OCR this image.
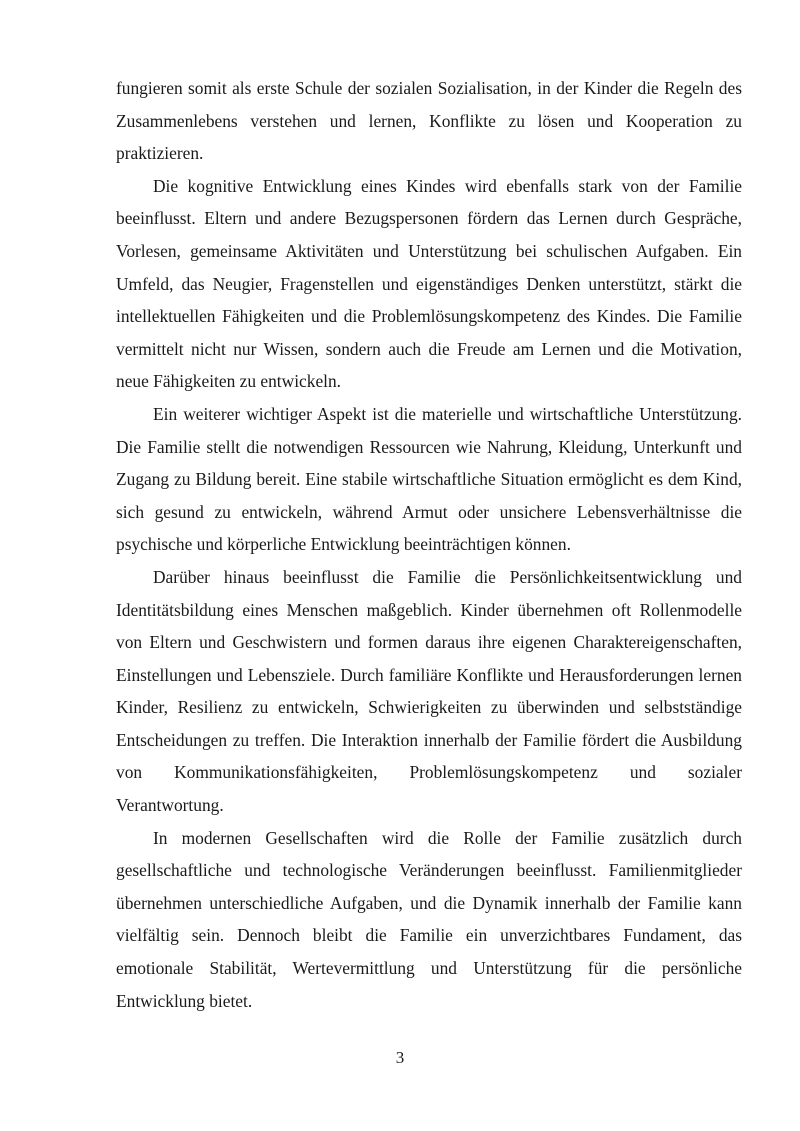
fungieren somit als erste Schule der sozialen Sozialisation, in der Kinder die Regeln des Zusammenlebens verstehen und lernen, Konflikte zu lösen und Kooperation zu praktizieren.

Die kognitive Entwicklung eines Kindes wird ebenfalls stark von der Familie beeinflusst. Eltern und andere Bezugspersonen fördern das Lernen durch Gespräche, Vorlesen, gemeinsame Aktivitäten und Unterstützung bei schulischen Aufgaben. Ein Umfeld, das Neugier, Fragenstellen und eigenständiges Denken unterstützt, stärkt die intellektuellen Fähigkeiten und die Problemlösungskompetenz des Kindes. Die Familie vermittelt nicht nur Wissen, sondern auch die Freude am Lernen und die Motivation, neue Fähigkeiten zu entwickeln.

Ein weiterer wichtiger Aspekt ist die materielle und wirtschaftliche Unterstützung. Die Familie stellt die notwendigen Ressourcen wie Nahrung, Kleidung, Unterkunft und Zugang zu Bildung bereit. Eine stabile wirtschaftliche Situation ermöglicht es dem Kind, sich gesund zu entwickeln, während Armut oder unsichere Lebensverhältnisse die psychische und körperliche Entwicklung beeinträchtigen können.

Darüber hinaus beeinflusst die Familie die Persönlichkeitsentwicklung und Identitätsbildung eines Menschen maßgeblich. Kinder übernehmen oft Rollenmodelle von Eltern und Geschwistern und formen daraus ihre eigenen Charaktereigenschaften, Einstellungen und Lebensziele. Durch familiäre Konflikte und Herausforderungen lernen Kinder, Resilienz zu entwickeln, Schwierigkeiten zu überwinden und selbstständige Entscheidungen zu treffen. Die Interaktion innerhalb der Familie fördert die Ausbildung von Kommunikationsfähigkeiten, Problemlösungskompetenz und sozialer Verantwortung.

In modernen Gesellschaften wird die Rolle der Familie zusätzlich durch gesellschaftliche und technologische Veränderungen beeinflusst. Familienmitglieder übernehmen unterschiedliche Aufgaben, und die Dynamik innerhalb der Familie kann vielfältig sein. Dennoch bleibt die Familie ein unverzichtbares Fundament, das emotionale Stabilität, Wertevermittlung und Unterstützung für die persönliche Entwicklung bietet.

3
